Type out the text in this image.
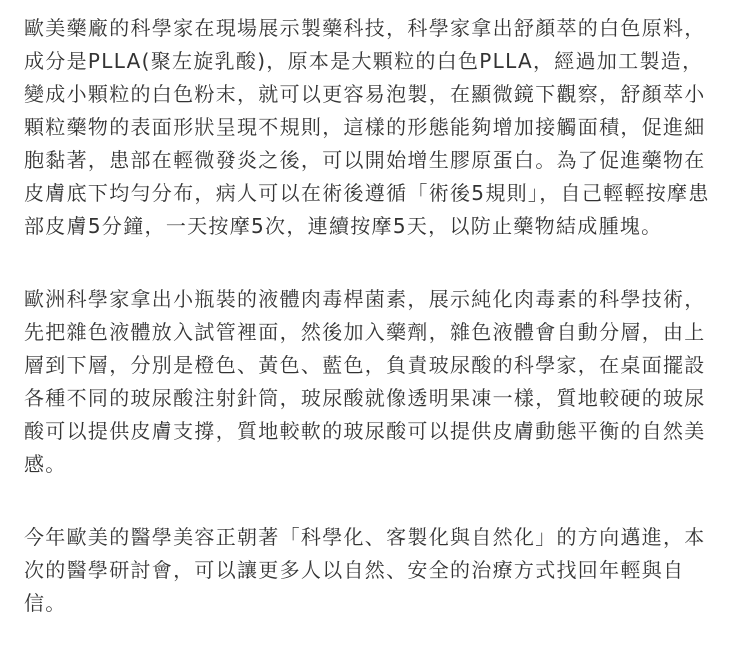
歐美藥廠的科學家在現場展示製藥科技，科學家拿出舒顏萃的白色原料，成分是PLLA(聚左旋乳酸)，原本是大顆粒的白色PLLA，經過加工製造，變成小顆粒的白色粉末，就可以更容易泡製，在顯微鏡下觀察，舒顏萃小顆粒藥物的表面形狀呈現不規則，這樣的形態能夠增加接觸面積，促進細胞黏著，患部在輕微發炎之後，可以開始增生膠原蛋白。為了促進藥物在皮膚底下均勻分布，病人可以在術後遵循「術後5規則」，自己輕輕按摩患部皮膚5分鐘，一天按摩5次，連續按摩5天，以防止藥物結成腫塊。

歐洲科學家拿出小瓶裝的液體肉毒桿菌素，展示純化肉毒素的科學技術，先把雜色液體放入試管裡面，然後加入藥劑，雜色液體會自動分層，由上層到下層，分別是橙色、黃色、藍色，負責玻尿酸的科學家，在桌面擺設各種不同的玻尿酸注射針筒，玻尿酸就像透明果凍一樣，質地較硬的玻尿酸可以提供皮膚支撐，質地較軟的玻尿酸可以提供皮膚動態平衡的自然美感。

今年歐美的醫學美容正朝著「科學化、客製化與自然化」的方向邁進，本次的醫學研討會，可以讓更多人以自然、安全的治療方式找回年輕與自信。
